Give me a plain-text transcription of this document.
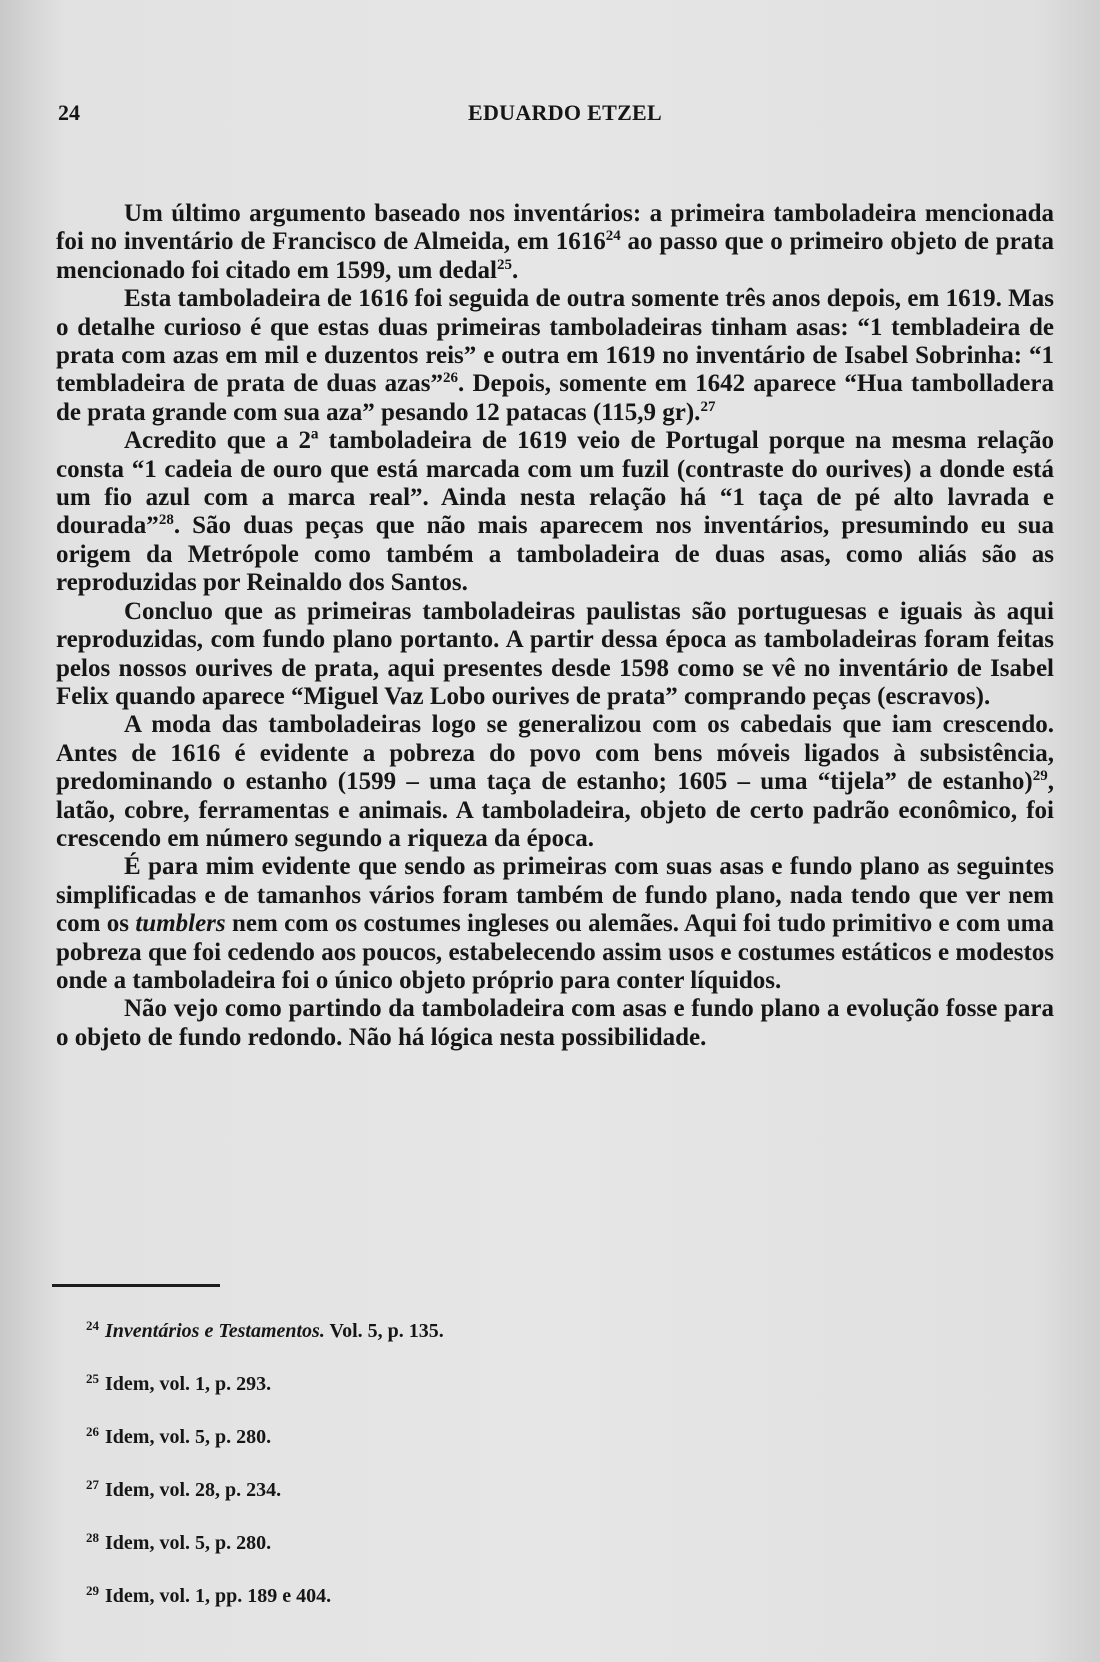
24	EDUARDO ETZEL

Um último argumento baseado nos inventários: a primeira tamboladeira mencionada foi no inventário de Francisco de Almeida, em 1616$^{24}$ ao passo que o primeiro objeto de prata mencionado foi citado em 1599, um dedal$^{25}$.

Esta tamboladeira de 1616 foi seguida de outra somente três anos depois, em 1619. Mas o detalhe curioso é que estas duas primeiras tamboladeiras tinham asas: “1 tembladeira de prata com azas em mil e duzentos reis” e outra em 1619 no inventário de Isabel Sobrinha: “1 tembladeira de prata de duas azas”$^{26}$. Depois, somente em 1642 aparece “Hua tambolladera de prata grande com sua aza” pesando 12 patacas (115,9 gr).$^{27}$

Acredito que a 2ª tamboladeira de 1619 veio de Portugal porque na mesma relação consta “1 cadeia de ouro que está marcada com um fuzil (contraste do ourives) a donde está um fio azul com a marca real”. Ainda nesta relação há “1 taça de pé alto lavrada e dourada”$^{28}$. São duas peças que não mais aparecem nos inventários, presumindo eu sua origem da Metrópole como também a tamboladeira de duas asas, como aliás são as reproduzidas por Reinaldo dos Santos.

Concluo que as primeiras tamboladeiras paulistas são portuguesas e iguais às aqui reproduzidas, com fundo plano portanto. A partir dessa época as tamboladeiras foram feitas pelos nossos ourives de prata, aqui presentes desde 1598 como se vê no inventário de Isabel Felix quando aparece “Miguel Vaz Lobo ourives de prata” comprando peças (escravos).

A moda das tamboladeiras logo se generalizou com os cabedais que iam crescendo. Antes de 1616 é evidente a pobreza do povo com bens móveis ligados à subsistência, predominando o estanho (1599 – uma taça de estanho; 1605 – uma “tijela” de estanho)$^{29}$, latão, cobre, ferramentas e animais. A tamboladeira, objeto de certo padrão econômico, foi crescendo em número segundo a riqueza da época.

É para mim evidente que sendo as primeiras com suas asas e fundo plano as seguintes simplificadas e de tamanhos vários foram também de fundo plano, nada tendo que ver nem com os tumblers nem com os costumes ingleses ou alemães. Aqui foi tudo primitivo e com uma pobreza que foi cedendo aos poucos, estabelecendo assim usos e costumes estáticos e modestos onde a tamboladeira foi o único objeto próprio para conter líquidos.

Não vejo como partindo da tamboladeira com asas e fundo plano a evolução fosse para o objeto de fundo redondo. Não há lógica nesta possibilidade.

$^{24}$ Inventários e Testamentos. Vol. 5, p. 135.
$^{25}$ Idem, vol. 1, p. 293.
$^{26}$ Idem, vol. 5, p. 280.
$^{27}$ Idem, vol. 28, p. 234.
$^{28}$ Idem, vol. 5, p. 280.
$^{29}$ Idem, vol. 1, pp. 189 e 404.
